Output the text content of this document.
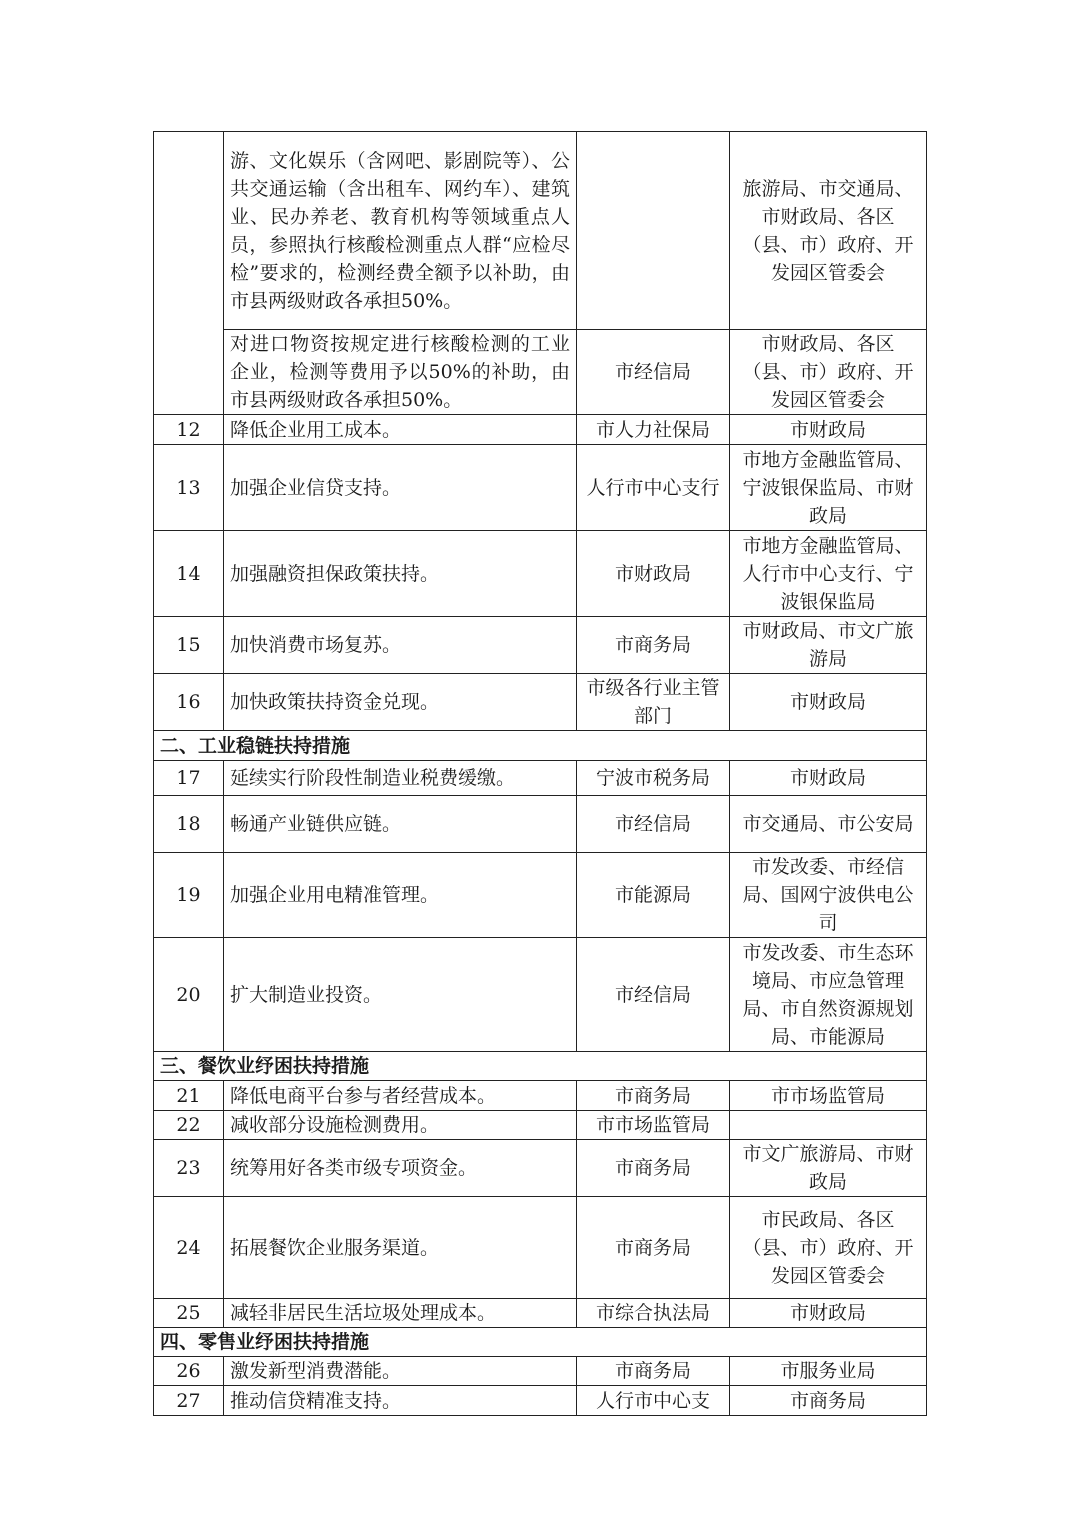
	游、文化娱乐（含网吧、影剧院等）、公共交通运输（含出租车、网约车）、建筑业、民办养老、教育机构等领域重点人员，参照执行核酸检测重点人群“应检尽检”要求的，检测经费全额予以补助，由市县两级财政各承担50%。		旅游局、市交通局、市财政局、各区（县、市）政府、开发园区管委会
	对进口物资按规定进行核酸检测的工业企业，检测等费用予以50%的补助，由市县两级财政各承担50%。	市经信局	市财政局、各区（县、市）政府、开发园区管委会
12	降低企业用工成本。	市人力社保局	市财政局
13	加强企业信贷支持。	人行市中心支行	市地方金融监管局、宁波银保监局、市财政局
14	加强融资担保政策扶持。	市财政局	市地方金融监管局、人行市中心支行、宁波银保监局
15	加快消费市场复苏。	市商务局	市财政局、市文广旅游局
16	加快政策扶持资金兑现。	市级各行业主管部门	市财政局
二、工业稳链扶持措施			
17	延续实行阶段性制造业税费缓缴。	宁波市税务局	市财政局
18	畅通产业链供应链。	市经信局	市交通局、市公安局
19	加强企业用电精准管理。	市能源局	市发改委、市经信局、国网宁波供电公司
20	扩大制造业投资。	市经信局	市发改委、市生态环境局、市应急管理局、市自然资源规划局、市能源局
三、餐饮业纾困扶持措施			
21	降低电商平台参与者经营成本。	市商务局	市市场监管局
22	减收部分设施检测费用。	市市场监管局	
23	统筹用好各类市级专项资金。	市商务局	市文广旅游局、市财政局
24	拓展餐饮企业服务渠道。	市商务局	市民政局、各区（县、市）政府、开发园区管委会
25	减轻非居民生活垃圾处理成本。	市综合执法局	市财政局
四、零售业纾困扶持措施			
26	激发新型消费潜能。	市商务局	市服务业局
27	推动信贷精准支持。	人行市中心支	市商务局
